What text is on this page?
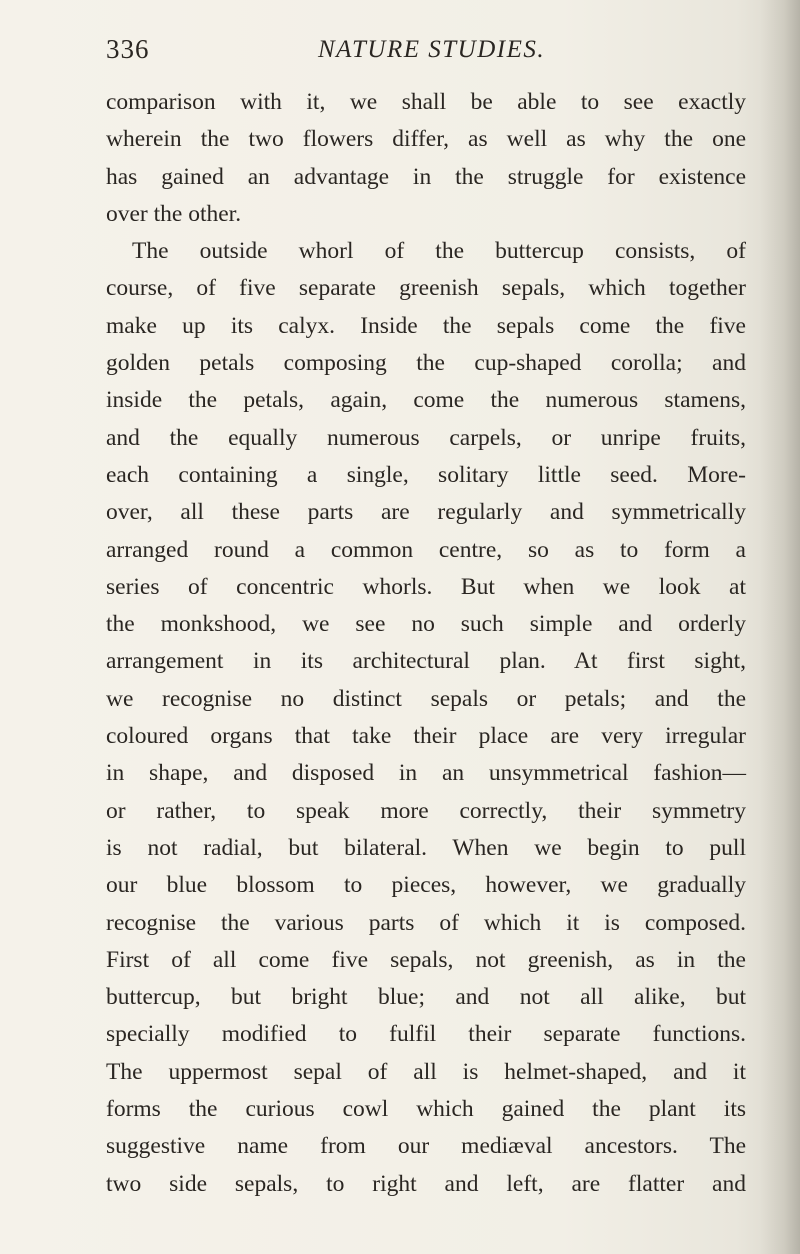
336	NATURE STUDIES.
comparison with it, we shall be able to see exactly
wherein the two flowers differ, as well as why the one
has gained an advantage in the struggle for existence
over the other.
The outside whorl of the buttercup consists, of
course, of five separate greenish sepals, which together
make up its calyx. Inside the sepals come the five
golden petals composing the cup-shaped corolla; and
inside the petals, again, come the numerous stamens,
and the equally numerous carpels, or unripe fruits,
each containing a single, solitary little seed. More-
over, all these parts are regularly and symmetrically
arranged round a common centre, so as to form a
series of concentric whorls. But when we look at
the monkshood, we see no such simple and orderly
arrangement in its architectural plan. At first sight,
we recognise no distinct sepals or petals; and the
coloured organs that take their place are very irregular
in shape, and disposed in an unsymmetrical fashion—
or rather, to speak more correctly, their symmetry
is not radial, but bilateral. When we begin to pull
our blue blossom to pieces, however, we gradually
recognise the various parts of which it is composed.
First of all come five sepals, not greenish, as in the
buttercup, but bright blue; and not all alike, but
specially modified to fulfil their separate functions.
The uppermost sepal of all is helmet-shaped, and it
forms the curious cowl which gained the plant its
suggestive name from our mediæval ancestors. The
two side sepals, to right and left, are flatter and
